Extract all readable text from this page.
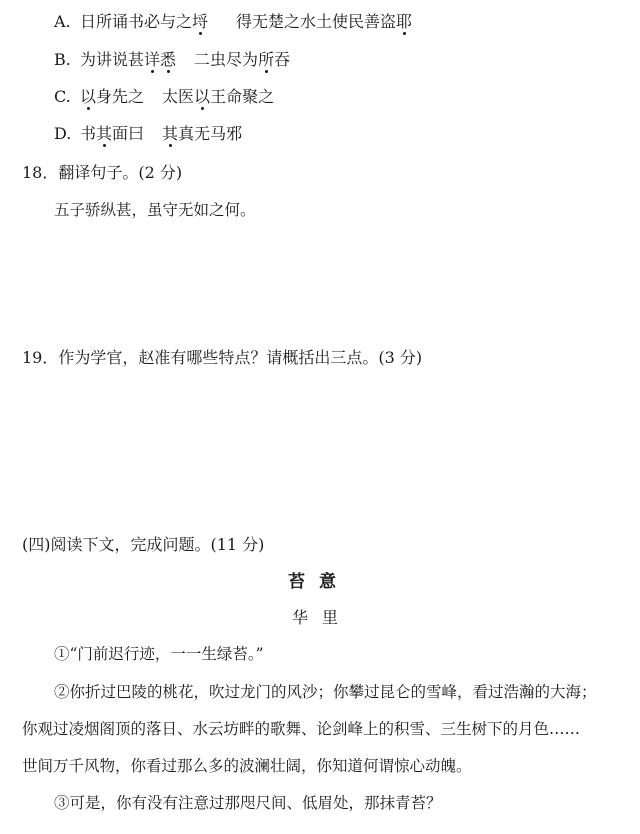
A. 日所诵书必与之埒 得无楚之水土使民善盗耶
B. 为讲说甚详悉 二虫尽为所吞
C. 以身先之 太医以王命聚之
D. 书其面曰 其真无马邪
18．翻译句子。(2 分)
五子骄纵甚，虽守无如之何。
19．作为学官，赵准有哪些特点？请概括出三点。(3 分)
(四)阅读下文，完成问题。(11 分)
苔意
华里
①“门前迟行迹，一一生绿苔。”
②你折过巴陵的桃花，吹过龙门的风沙；你攀过昆仑的雪峰，看过浩瀚的大海；
你观过凌烟阁顶的落日、水云坊畔的歌舞、论剑峰上的积雪、三生树下的月色……
世间万千风物，你看过那么多的波澜壮阔，你知道何谓惊心动魄。
③可是，你有没有注意过那咫尺间、低眉处，那抹青苔？
